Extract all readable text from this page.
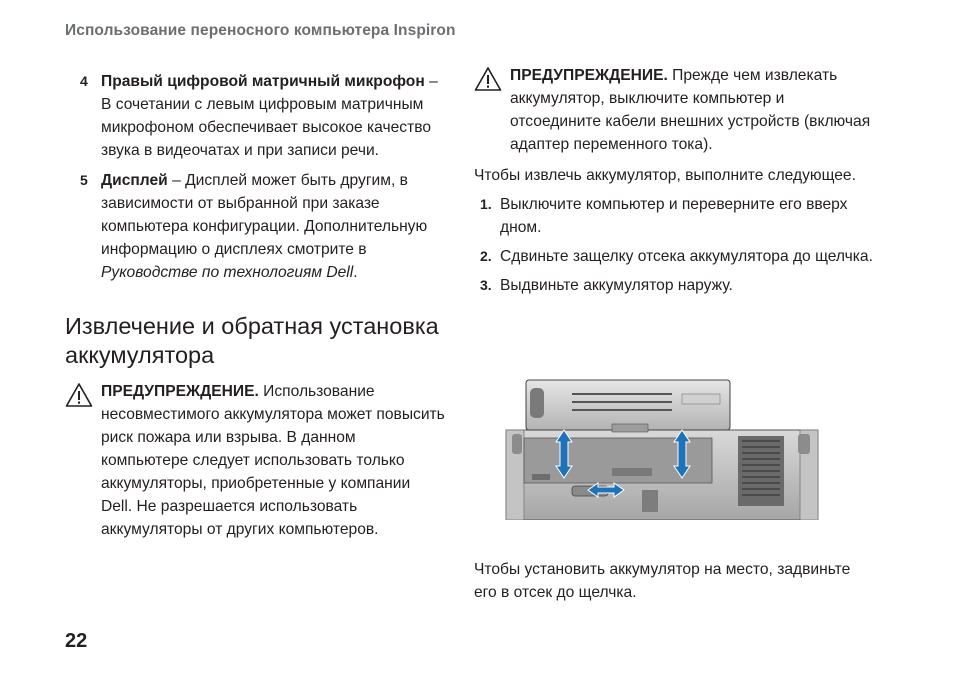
Использование переносного компьютера Inspiron
4 Правый цифровой матричный микрофон – В сочетании с левым цифровым матричным микрофоном обеспечивает высокое качество звука в видеочатах и при записи речи.
5 Дисплей – Дисплей может быть другим, в зависимости от выбранной при заказе компьютера конфигурации. Дополнительную информацию о дисплеях смотрите в Руководстве по технологиям Dell.
Извлечение и обратная установка аккумулятора
ПРЕДУПРЕЖДЕНИЕ. Использование несовместимого аккумулятора может повысить риск пожара или взрыва. В данном компьютере следует использовать только аккумуляторы, приобретенные у компании Dell. Не разрешается использовать аккумуляторы от других компьютеров.
ПРЕДУПРЕЖДЕНИЕ. Прежде чем извлекать аккумулятор, выключите компьютер и отсоедините кабели внешних устройств (включая адаптер переменного тока).
Чтобы извлечь аккумулятор, выполните следующее.
1. Выключите компьютер и переверните его вверх дном.
2. Сдвиньте защелку отсека аккумулятора до щелчка.
3. Выдвиньте аккумулятор наружу.
Чтобы установить аккумулятор на место, задвиньте его в отсек до щелчка.
22
